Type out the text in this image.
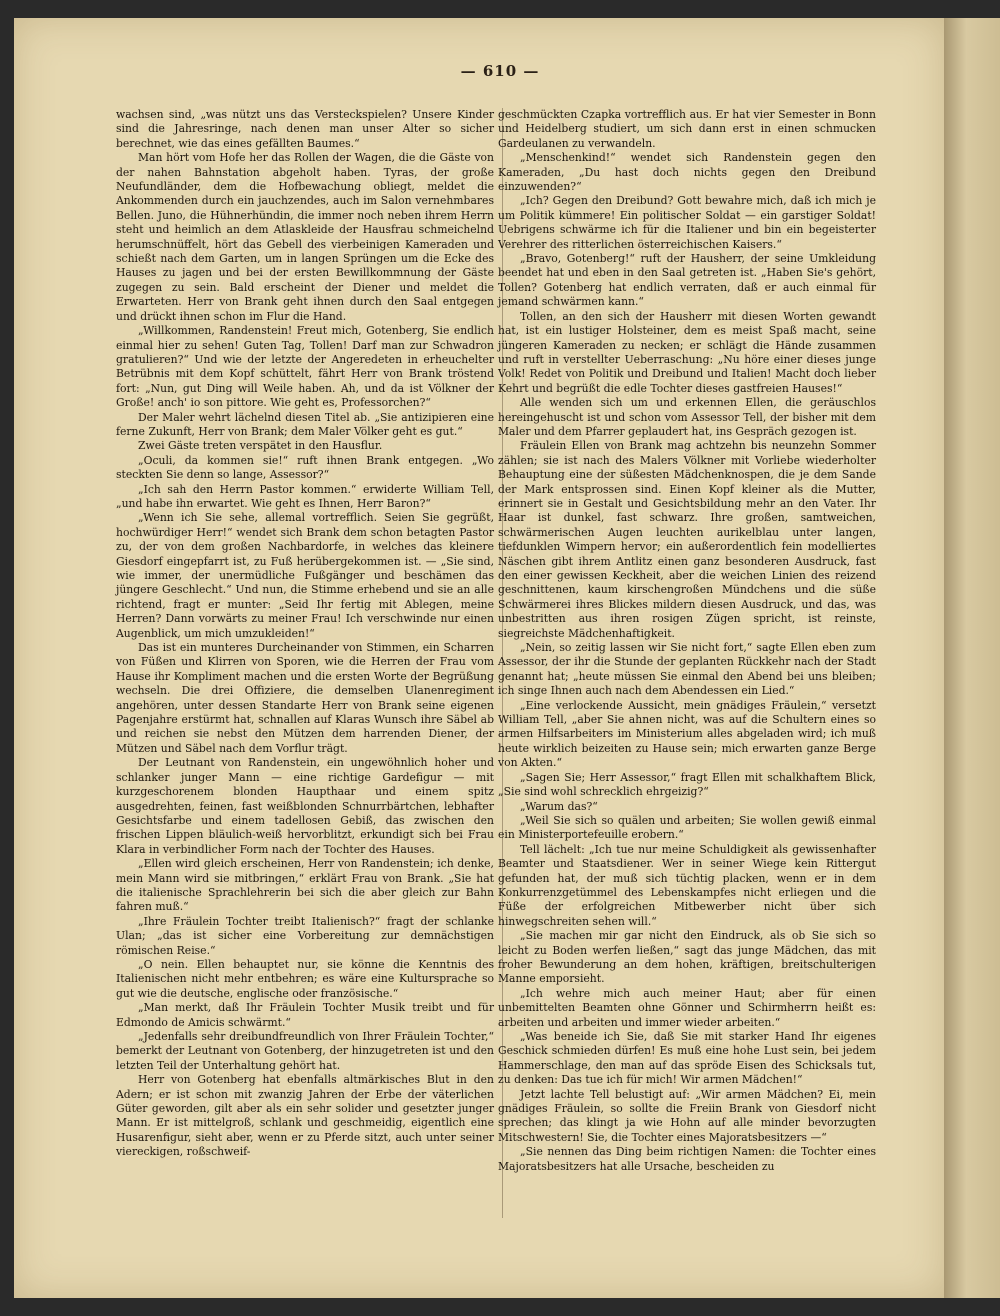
— 610 —

wachsen sind, „was nützt uns das Versteckspielen? Unsere Kinder sind die Jahresringe, nach denen man unser Alter so sicher berechnet, wie das eines gefällten Baumes.“

Man hört vom Hofe her das Rollen der Wagen, die die Gäste von der nahen Bahnstation abgeholt haben. Tyras, der große Neufundländer, dem die Hofbewachung obliegt, meldet die Ankommenden durch ein jauchzendes, auch im Salon vernehmbares Bellen. Juno, die Hühnerhündin, die immer noch neben ihrem Herrn steht und heimlich an dem Atlaskleide der Hausfrau schmeichelnd herumschnüffelt, hört das Gebell des vierbeinigen Kameraden und schießt nach dem Garten, um in langen Sprüngen um die Ecke des Hauses zu jagen und bei der ersten Bewillkommnung der Gäste zugegen zu sein. Bald erscheint der Diener und meldet die Erwarteten. Herr von Brank geht ihnen durch den Saal entgegen und drückt ihnen schon im Flur die Hand.

„Willkommen, Randenstein! Freut mich, Gotenberg, Sie endlich einmal hier zu sehen! Guten Tag, Tollen! Darf man zur Schwadron gratulieren?“ Und wie der letzte der Angeredeten in erheuchelter Betrübnis mit dem Kopf schüttelt, fährt Herr von Brank tröstend fort: „Nun, gut Ding will Weile haben. Ah, und da ist Völkner der Große! anch' io son pittore. Wie geht es, Professorchen?“

Der Maler wehrt lächelnd diesen Titel ab. „Sie antizipieren eine ferne Zukunft, Herr von Brank; dem Maler Völker geht es gut.“

Zwei Gäste treten verspätet in den Hausflur.

„Oculi, da kommen sie!“ ruft ihnen Brank entgegen. „Wo steckten Sie denn so lange, Assessor?“

„Ich sah den Herrn Pastor kommen.“ erwiderte William Tell, „und habe ihn erwartet. Wie geht es Ihnen, Herr Baron?“

„Wenn ich Sie sehe, allemal vortrefflich. Seien Sie gegrüßt, hochwürdiger Herr!“ wendet sich Brank dem schon betagten Pastor zu, der von dem großen Nachbardorfe, in welches das kleinere Giesdorf eingepfarrt ist, zu Fuß herübergekommen ist. — „Sie sind, wie immer, der unermüdliche Fußgänger und beschämen das jüngere Geschlecht.“ Und nun, die Stimme erhebend und sie an alle richtend, fragt er munter: „Seid Ihr fertig mit Ablegen, meine Herren? Dann vorwärts zu meiner Frau! Ich verschwinde nur einen Augenblick, um mich umzukleiden!“

Das ist ein munteres Durcheinander von Stimmen, ein Scharren von Füßen und Klirren von Sporen, wie die Herren der Frau vom Hause ihr Kompliment machen und die ersten Worte der Begrüßung wechseln. Die drei Offiziere, die demselben Ulanenregiment angehören, unter dessen Standarte Herr von Brank seine eigenen Pagenjahre erstürmt hat, schnallen auf Klaras Wunsch ihre Säbel ab und reichen sie nebst den Mützen dem harrenden Diener, der Mützen und Säbel nach dem Vorflur trägt.

Der Leutnant von Randenstein, ein ungewöhnlich hoher und schlanker junger Mann — eine richtige Gardefigur — mit kurzgeschorenem blonden Haupthaar und einem spitz ausgedrehten, feinen, fast weißblonden Schnurrbärtchen, lebhafter Gesichtsfarbe und einem tadellosen Gebiß, das zwischen den frischen Lippen bläulich-weiß hervorblitzt, erkundigt sich bei Frau Klara in verbindlicher Form nach der Tochter des Hauses.

„Ellen wird gleich erscheinen, Herr von Randenstein; ich denke, mein Mann wird sie mitbringen,“ erklärt Frau von Brank. „Sie hat die italienische Sprachlehrerin bei sich die aber gleich zur Bahn fahren muß.“

„Ihre Fräulein Tochter treibt Italienisch?“ fragt der schlanke Ulan; „das ist sicher eine Vorbereitung zur demnächstigen römischen Reise.“

„O nein. Ellen behauptet nur, sie könne die Kenntnis des Italienischen nicht mehr entbehren; es wäre eine Kultursprache so gut wie die deutsche, englische oder französische.“

„Man merkt, daß Ihr Fräulein Tochter Musik treibt und für Edmondo de Amicis schwärmt.“

„Jedenfalls sehr dreibundfreundlich von Ihrer Fräulein Tochter,“ bemerkt der Leutnant von Gotenberg, der hinzugetreten ist und den letzten Teil der Unterhaltung gehört hat.

Herr von Gotenberg hat ebenfalls altmärkisches Blut in den Adern; er ist schon mit zwanzig Jahren der Erbe der väterlichen Güter geworden, gilt aber als ein sehr solider und gesetzter junger Mann. Er ist mittelgroß, schlank und geschmeidig, eigentlich eine Husarenfigur, sieht aber, wenn er zu Pferde sitzt, auch unter seiner viereckigen, roßschweif-

geschmückten Czapka vortrefflich aus. Er hat vier Semester in Bonn und Heidelberg studiert, um sich dann erst in einen schmucken Gardeulanen zu verwandeln.

„Menschenkind!“ wendet sich Randenstein gegen den Kameraden, „Du hast doch nichts gegen den Dreibund einzuwenden?“

„Ich? Gegen den Dreibund? Gott bewahre mich, daß ich mich je um Politik kümmere! Ein politischer Soldat — ein garstiger Soldat! Uebrigens schwärme ich für die Italiener und bin ein begeisterter Verehrer des ritterlichen österreichischen Kaisers.“

„Bravo, Gotenberg!“ ruft der Hausherr, der seine Umkleidung beendet hat und eben in den Saal getreten ist. „Haben Sie's gehört, Tollen? Gotenberg hat endlich verraten, daß er auch einmal für jemand schwärmen kann.“

Tollen, an den sich der Hausherr mit diesen Worten gewandt hat, ist ein lustiger Holsteiner, dem es meist Spaß macht, seine jüngeren Kameraden zu necken; er schlägt die Hände zusammen und ruft in verstellter Ueberraschung: „Nu höre einer dieses junge Volk! Redet von Politik und Dreibund und Italien! Macht doch lieber Kehrt und begrüßt die edle Tochter dieses gastfreien Hauses!“

Alle wenden sich um und erkennen Ellen, die geräuschlos hereingehuscht ist und schon vom Assessor Tell, der bisher mit dem Maler und dem Pfarrer geplaudert hat, ins Gespräch gezogen ist.

Fräulein Ellen von Brank mag achtzehn bis neunzehn Sommer zählen; sie ist nach des Malers Völkner mit Vorliebe wiederholter Behauptung eine der süßesten Mädchenknospen, die je dem Sande der Mark entsprossen sind. Einen Kopf kleiner als die Mutter, erinnert sie in Gestalt und Gesichtsbildung mehr an den Vater. Ihr Haar ist dunkel, fast schwarz. Ihre großen, samtweichen, schwärmerischen Augen leuchten aurikelblau unter langen, tiefdunklen Wimpern hervor; ein außerordentlich fein modelliertes Näschen gibt ihrem Antlitz einen ganz besonderen Ausdruck, fast den einer gewissen Keckheit, aber die weichen Linien des reizend geschnittenen, kaum kirschengroßen Mündchens und die süße Schwärmerei ihres Blickes mildern diesen Ausdruck, und das, was unbestritten aus ihren rosigen Zügen spricht, ist reinste, siegreichste Mädchenhaftigkeit.

„Nein, so zeitig lassen wir Sie nicht fort,“ sagte Ellen eben zum Assessor, der ihr die Stunde der geplanten Rückkehr nach der Stadt genannt hat; „heute müssen Sie einmal den Abend bei uns bleiben; ich singe Ihnen auch nach dem Abendessen ein Lied.“

„Eine verlockende Aussicht, mein gnädiges Fräulein,“ versetzt William Tell, „aber Sie ahnen nicht, was auf die Schultern eines so armen Hilfsarbeiters im Ministerium alles abgeladen wird; ich muß heute wirklich beizeiten zu Hause sein; mich erwarten ganze Berge von Akten.“

„Sagen Sie; Herr Assessor,“ fragt Ellen mit schalkhaftem Blick, „Sie sind wohl schrecklich ehrgeizig?“

„Warum das?“

„Weil Sie sich so quälen und arbeiten; Sie wollen gewiß einmal ein Ministerportefeuille erobern.“

Tell lächelt: „Ich tue nur meine Schuldigkeit als gewissenhafter Beamter und Staatsdiener. Wer in seiner Wiege kein Rittergut gefunden hat, der muß sich tüchtig placken, wenn er in dem Konkurrenzgetümmel des Lebenskampfes nicht erliegen und die Füße der erfolgreichen Mitbewerber nicht über sich hinwegschreiten sehen will.“

„Sie machen mir gar nicht den Eindruck, als ob Sie sich so leicht zu Boden werfen ließen,“ sagt das junge Mädchen, das mit froher Bewunderung an dem hohen, kräftigen, breitschulterigen Manne emporsieht.

„Ich wehre mich auch meiner Haut; aber für einen unbemittelten Beamten ohne Gönner und Schirmherrn heißt es: arbeiten und arbeiten und immer wieder arbeiten.“

„Was beneide ich Sie, daß Sie mit starker Hand Ihr eigenes Geschick schmieden dürfen! Es muß eine hohe Lust sein, bei jedem Hammerschlage, den man auf das spröde Eisen des Schicksals tut, zu denken: Das tue ich für mich! Wir armen Mädchen!“

Jetzt lachte Tell belustigt auf: „Wir armen Mädchen? Ei, mein gnädiges Fräulein, so sollte die Freiin Brank von Giesdorf nicht sprechen; das klingt ja wie Hohn auf alle minder bevorzugten Mitschwestern! Sie, die Tochter eines Majoratsbesitzers —“

„Sie nennen das Ding beim richtigen Namen: die Tochter eines Majoratsbesitzers hat alle Ursache, bescheiden zu
